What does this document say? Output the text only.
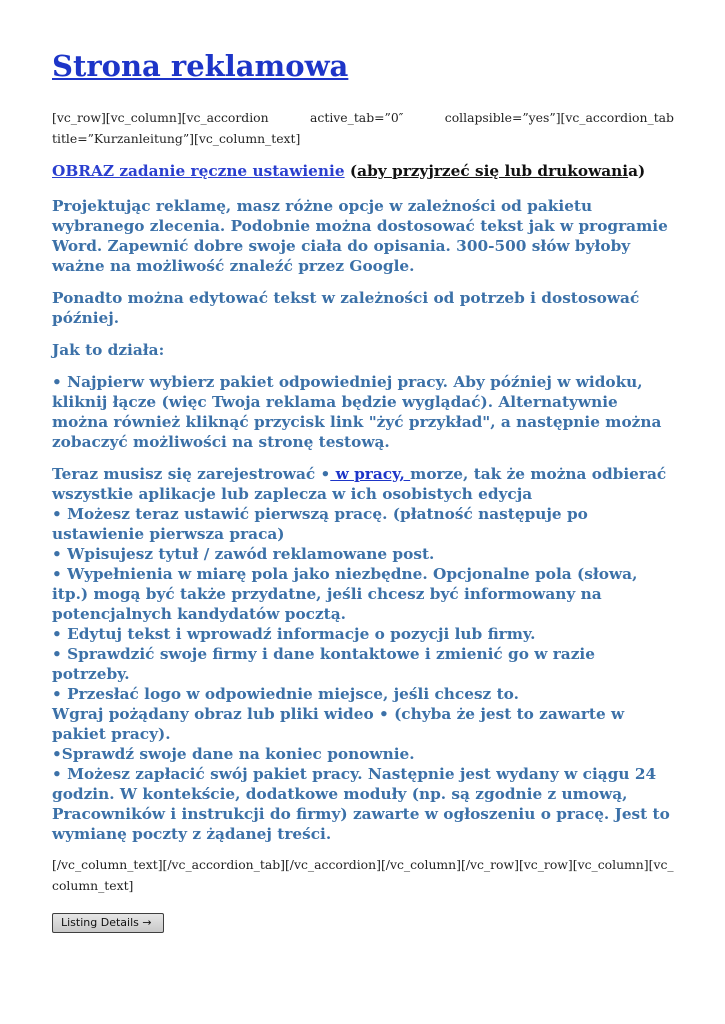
Strona reklamowa
[vc_row][vc_column][vc_accordion active_tab=”0″ collapsible=”yes”][vc_accordion_tab title=”Kurzanleitung”][vc_column_text]
OBRAZ zadanie ręczne ustawienie (aby przyjrzeć się lub drukowania)

Projektując reklamę, masz różne opcje w zależności od pakietu wybranego zlecenia. Podobnie można dostosować tekst jak w programie Word. Zapewnić dobre swoje ciała do opisania. 300-500 słów byłoby ważne na możliwość znaleźć przez Google.

Ponadto można edytować tekst w zależności od potrzeb i dostosować później.

Jak to działa:

• Najpierw wybierz pakiet odpowiedniej pracy. Aby później w widoku, kliknij łącze (więc Twoja reklama będzie wyglądać). Alternatywnie można również kliknąć przycisk link "żyć przykład", a następnie można zobaczyć możliwości na stronę testową.

Teraz musisz się zarejestrować • w pracy, morze, tak że można odbierać wszystkie aplikacje lub zaplecza w ich osobistych edycja
• Możesz teraz ustawić pierwszą pracę. (płatność następuje po ustawienie pierwsza praca)
• Wpisujesz tytuł / zawód reklamowane post.
• Wypełnienia w miarę pola jako niezbędne. Opcjonalne pola (słowa, itp.) mogą być także przydatne, jeśli chcesz być informowany na potencjalnych kandydatów pocztą.
• Edytuj tekst i wprowadź informacje o pozycji lub firmy.
• Sprawdzić swoje firmy i dane kontaktowe i zmienić go w razie potrzeby.
• Przesłać logo w odpowiednie miejsce, jeśli chcesz to.
Wgraj pożądany obraz lub pliki wideo • (chyba że jest to zawarte w pakiet pracy).
•Sprawdź swoje dane na koniec ponownie.
• Możesz zapłacić swój pakiet pracy. Następnie jest wydany w ciągu 24 godzin. W kontekście, dodatkowe moduły (np. są zgodnie z umową, Pracowników i instrukcji do firmy) zawarte w ogłoszeniu o pracę. Jest to wymianę poczty z żądanej treści.
[/vc_column_text][/vc_accordion_tab][/vc_accordion][/vc_column][/vc_row][vc_row][vc_column][vc_column_text]
Listing Details →
